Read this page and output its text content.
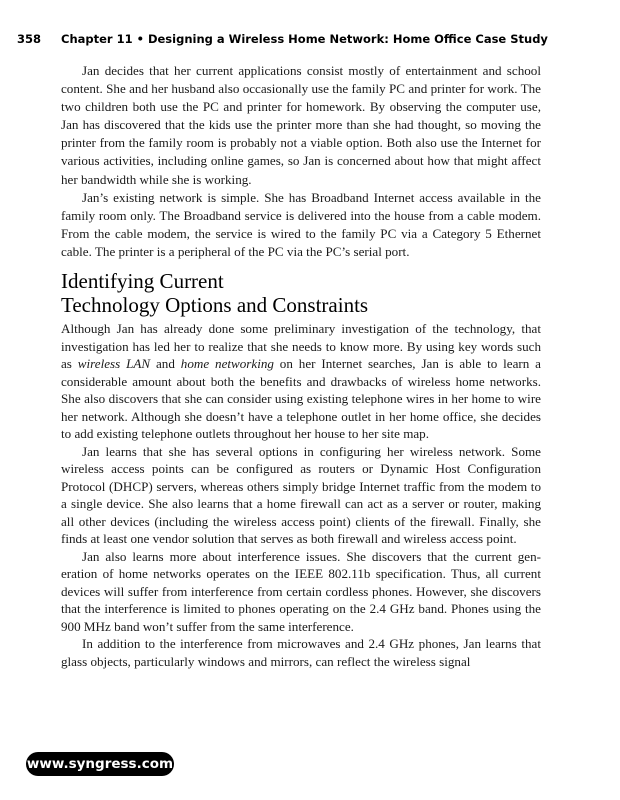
358 Chapter 11 • Designing a Wireless Home Network: Home Office Case Study

Jan decides that her current applications consist mostly of entertainment and school content. She and her husband also occasionally use the family PC and printer for work. The two children both use the PC and printer for homework. By observing the computer use, Jan has discovered that the kids use the printer more than she had thought, so moving the printer from the family room is probably not a viable option. Both also use the Internet for various activities, including online games, so Jan is concerned about how that might affect her bandwidth while she is working.

Jan’s existing network is simple. She has Broadband Internet access available in the family room only. The Broadband service is delivered into the house from a cable modem. From the cable modem, the service is wired to the family PC via a Category 5 Ethernet cable. The printer is a peripheral of the PC via the PC’s serial port.

Identifying Current
Technology Options and Constraints

Although Jan has already done some preliminary investigation of the technology, that investigation has led her to realize that she needs to know more. By using key words such as wireless LAN and home networking on her Internet searches, Jan is able to learn a considerable amount about both the benefits and drawbacks of wireless home networks. She also discovers that she can consider using existing telephone wires in her home to wire her network. Although she doesn’t have a telephone outlet in her home office, she decides to add existing telephone outlets throughout her house to her site map.

Jan learns that she has several options in configuring her wireless network. Some wireless access points can be configured as routers or Dynamic Host Configuration Protocol (DHCP) servers, whereas others simply bridge Internet traffic from the modem to a single device. She also learns that a home firewall can act as a server or router, making all other devices (including the wireless access point) clients of the firewall. Finally, she finds at least one vendor solution that serves as both firewall and wireless access point.

Jan also learns more about interference issues. She discovers that the current generation of home networks operates on the IEEE 802.11b specification. Thus, all current devices will suffer from interference from certain cordless phones. However, she discovers that the interference is limited to phones operating on the 2.4 GHz band. Phones using the 900 MHz band won’t suffer from the same interference.

In addition to the interference from microwaves and 2.4 GHz phones, Jan learns that glass objects, particularly windows and mirrors, can reflect the wireless signal

www.syngress.com
